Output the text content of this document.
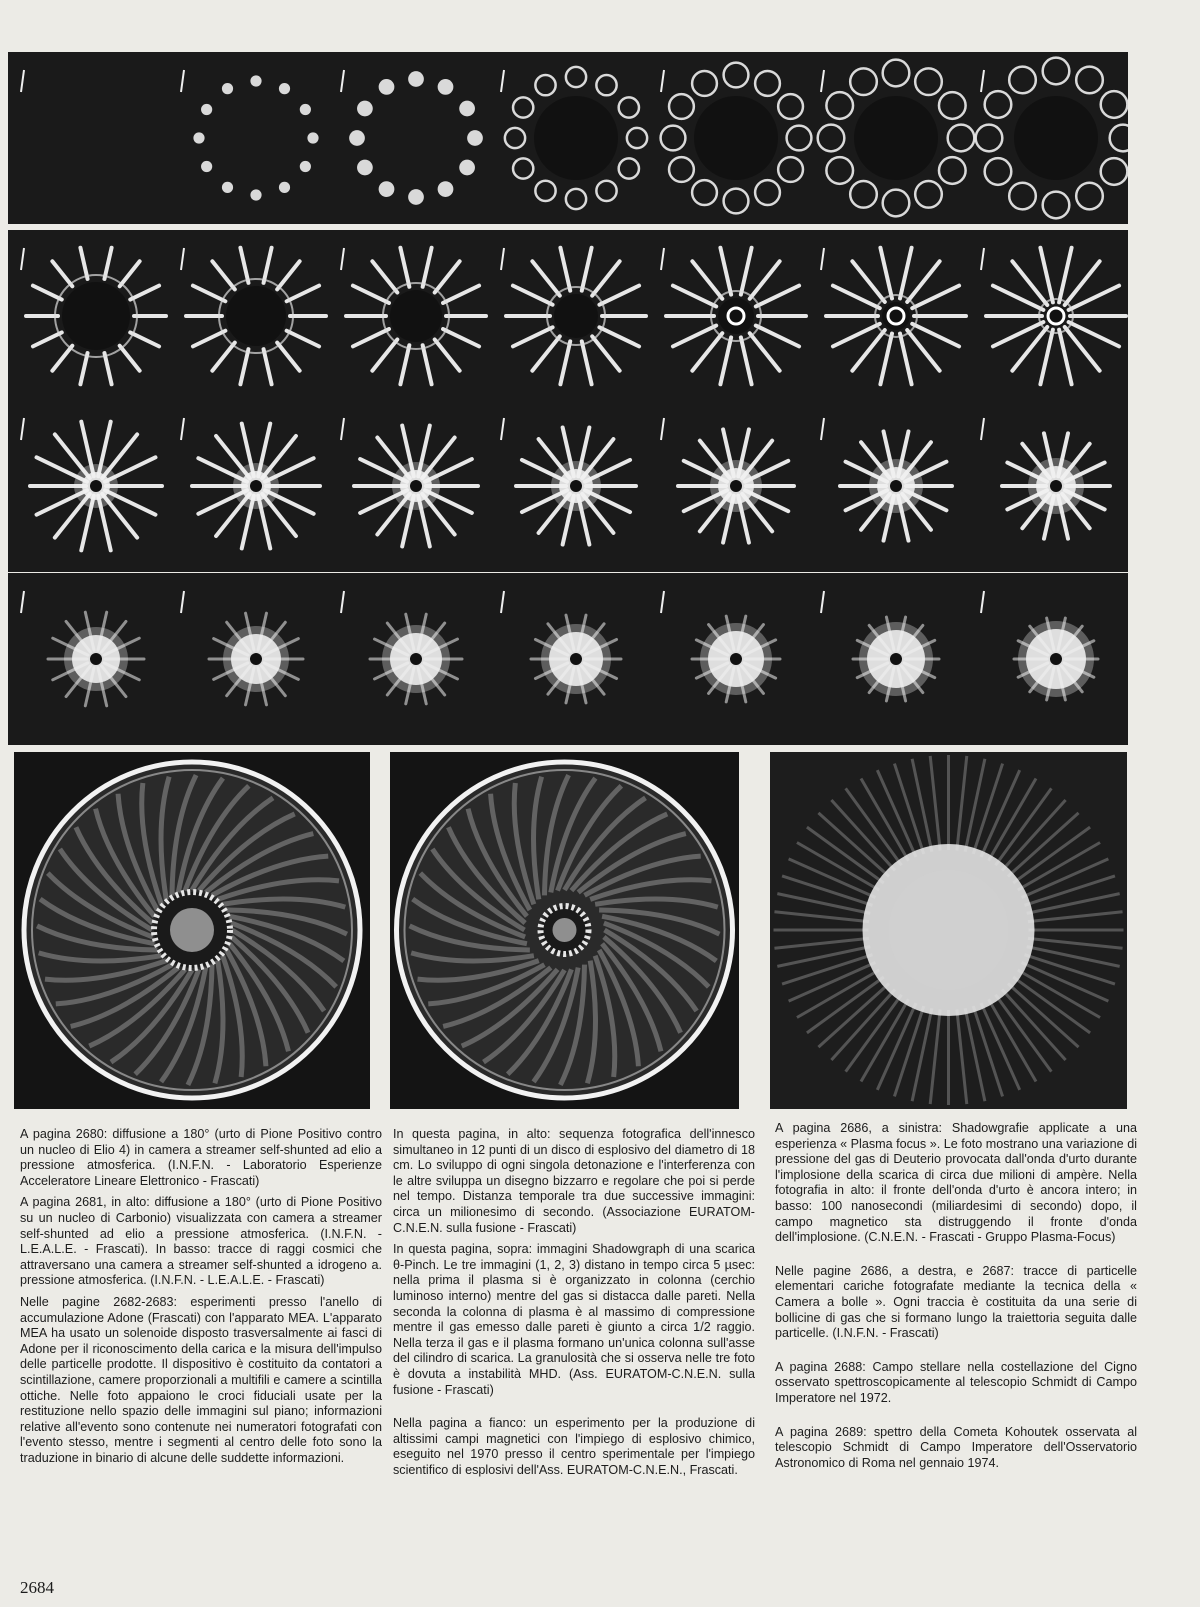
A pagina 2680: diffusione a 180° (urto di Pione Positivo contro un nucleo di Elio 4) in camera a streamer self-shunted ad elio a pressione atmosferica. (I.N.F.N. - Laboratorio Esperienze Acceleratore Lineare Elettronico - Frascati)

A pagina 2681, in alto: diffusione a 180° (urto di Pione Positivo su un nucleo di Carbonio) visualizzata con camera a streamer self-shunted ad elio a pressione atmosferica. (I.N.F.N. - L.E.A.L.E. - Frascati). In basso: tracce di raggi cosmici che attraversano una camera a streamer self-shunted a idrogeno a. pressione atmosferica. (I.N.F.N. - L.E.A.L.E. - Frascati)

Nelle pagine 2682-2683: esperimenti presso l'anello di accumulazione Adone (Frascati) con l'apparato MEA. L'apparato MEA ha usato un solenoide disposto trasversalmente ai fasci di Adone per il riconoscimento della carica e la misura dell'impulso delle particelle prodotte. Il dispositivo è costituito da contatori a scintillazione, camere proporzionali a multifili e camere a scintilla ottiche. Nelle foto appaiono le croci fiduciali usate per la restituzione nello spazio delle immagini sul piano; informazioni relative all'evento sono contenute nei numeratori fotografati con l'evento stesso, mentre i segmenti al centro delle foto sono la traduzione in binario di alcune delle suddette informazioni.

In questa pagina, in alto: sequenza fotografica dell'innesco simultaneo in 12 punti di un disco di esplosivo del diametro di 18 cm. Lo sviluppo di ogni singola detonazione e l'interferenza con le altre sviluppa un disegno bizzarro e regolare che poi si perde nel tempo. Distanza temporale tra due successive immagini: circa un milionesimo di secondo. (Associazione EURATOM-C.N.E.N. sulla fusione - Frascati)

In questa pagina, sopra: immagini Shadowgraph di una scarica θ-Pinch. Le tre immagini (1, 2, 3) distano in tempo circa 5 µsec: nella prima il plasma si è organizzato in colonna (cerchio luminoso interno) mentre del gas si distacca dalle pareti. Nella seconda la colonna di plasma è al massimo di compressione mentre il gas emesso dalle pareti è giunto a circa 1/2 raggio. Nella terza il gas e il plasma formano un'unica colonna sull'asse del cilindro di scarica. La granulosità che si osserva nelle tre foto è dovuta a instabilità MHD. (Ass. EURATOM-C.N.E.N. sulla fusione - Frascati)

Nella pagina a fianco: un esperimento per la produzione di altissimi campi magnetici con l'impiego di esplosivo chimico, eseguito nel 1970 presso il centro sperimentale per l'impiego scientifico di esplosivi dell'Ass. EURATOM-C.N.E.N., Frascati.

A pagina 2686, a sinistra: Shadowgrafie applicate a una esperienza « Plasma focus ». Le foto mostrano una variazione di pressione del gas di Deuterio provocata dall'onda d'urto durante l'implosione della scarica di circa due milioni di ampère. Nella fotografia in alto: il fronte dell'onda d'urto è ancora intero; in basso: 100 nanosecondi (miliardesimi di secondo) dopo, il campo magnetico sta distruggendo il fronte d'onda dell'implosione. (C.N.E.N. - Frascati - Gruppo Plasma-Focus)

Nelle pagine 2686, a destra, e 2687: tracce di particelle elementari cariche fotografate mediante la tecnica della « Camera a bolle ». Ogni traccia è costituita da una serie di bollicine di gas che si formano lungo la traiettoria seguita dalle particelle. (I.N.F.N. - Frascati)

A pagina 2688: Campo stellare nella costellazione del Cigno osservato spettroscopicamente al telescopio Schmidt di Campo Imperatore nel 1972.

A pagina 2689: spettro della Cometa Kohoutek osservata al telescopio Schmidt di Campo Imperatore dell'Osservatorio Astronomico di Roma nel gennaio 1974.

2684
